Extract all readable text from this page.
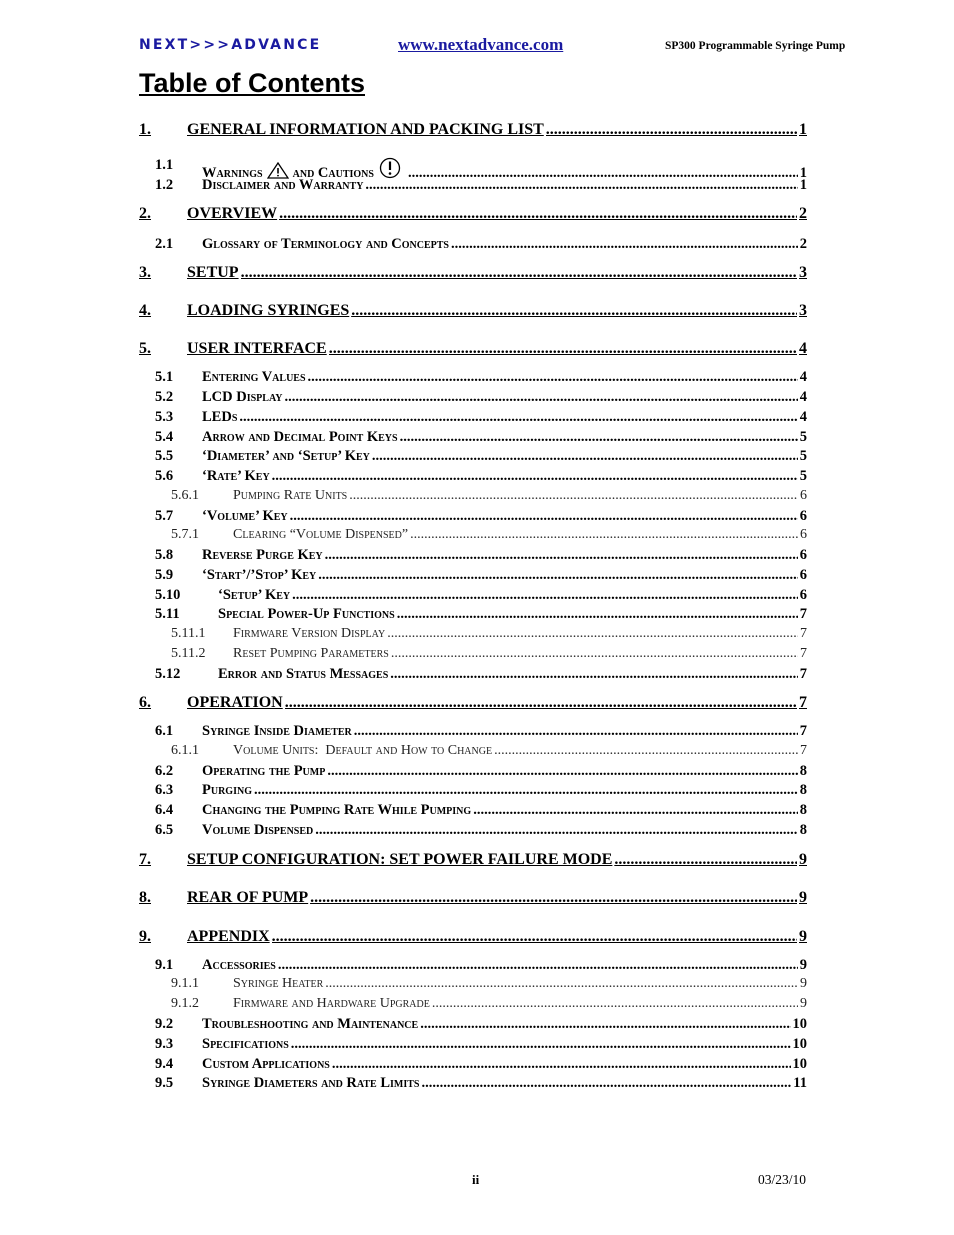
NEXT>>>ADVANCE	www.nextadvance.com	SP300 Programmable Syringe Pump
Table of Contents
1. GENERAL INFORMATION AND PACKING LIST .....	1
1.1 Warnings and Cautions .....	1
1.2 Disclaimer and Warranty .....	1
2. OVERVIEW .....	2
2.1 Glossary of Terminology and Concepts .....	2
3. SETUP .....	3
4. LOADING SYRINGES .....	3
5. USER INTERFACE .....	4
5.1 Entering Values .....	4
5.2 LCD Display .....	4
5.3 LEDs .....	4
5.4 Arrow and Decimal Point Keys .....	5
5.5 ‘Diameter’ and ‘Setup’ Key .....	5
5.6 ‘Rate’ Key .....	5
5.6.1 Pumping Rate Units .....	6
5.7 ‘Volume’ Key .....	6
5.7.1 Clearing “Volume Dispensed” .....	6
5.8 Reverse Purge Key .....	6
5.9 ‘Start’/’Stop’ Key .....	6
5.10	‘Setup’ Key .....	6
5.11	Special Power-Up Functions .....	7
5.11.1 Firmware Version Display .....	7
5.11.2 Reset Pumping Parameters .....	7
5.12	Error and Status Messages .....	7
6. OPERATION .....	7
6.1 Syringe Inside Diameter .....	7
6.1.1 Volume Units:  Default and How to Change .....	7
6.2 Operating the Pump .....	8
6.3 Purging .....	8
6.4 Changing the Pumping Rate While Pumping .....	8
6.5 Volume Dispensed .....	8
7. SETUP CONFIGURATION: SET POWER FAILURE MODE .....	9
8. REAR OF PUMP .....	9
9. APPENDIX .....	9
9.1 Accessories .....	9
9.1.1 Syringe Heater .....	9
9.1.2 Firmware and Hardware Upgrade .....	9
9.2 Troubleshooting and Maintenance .....	10
9.3 Specifications .....	10
9.4 Custom Applications .....	10
9.5 Syringe Diameters and Rate Limits .....	11
ii	03/23/10
